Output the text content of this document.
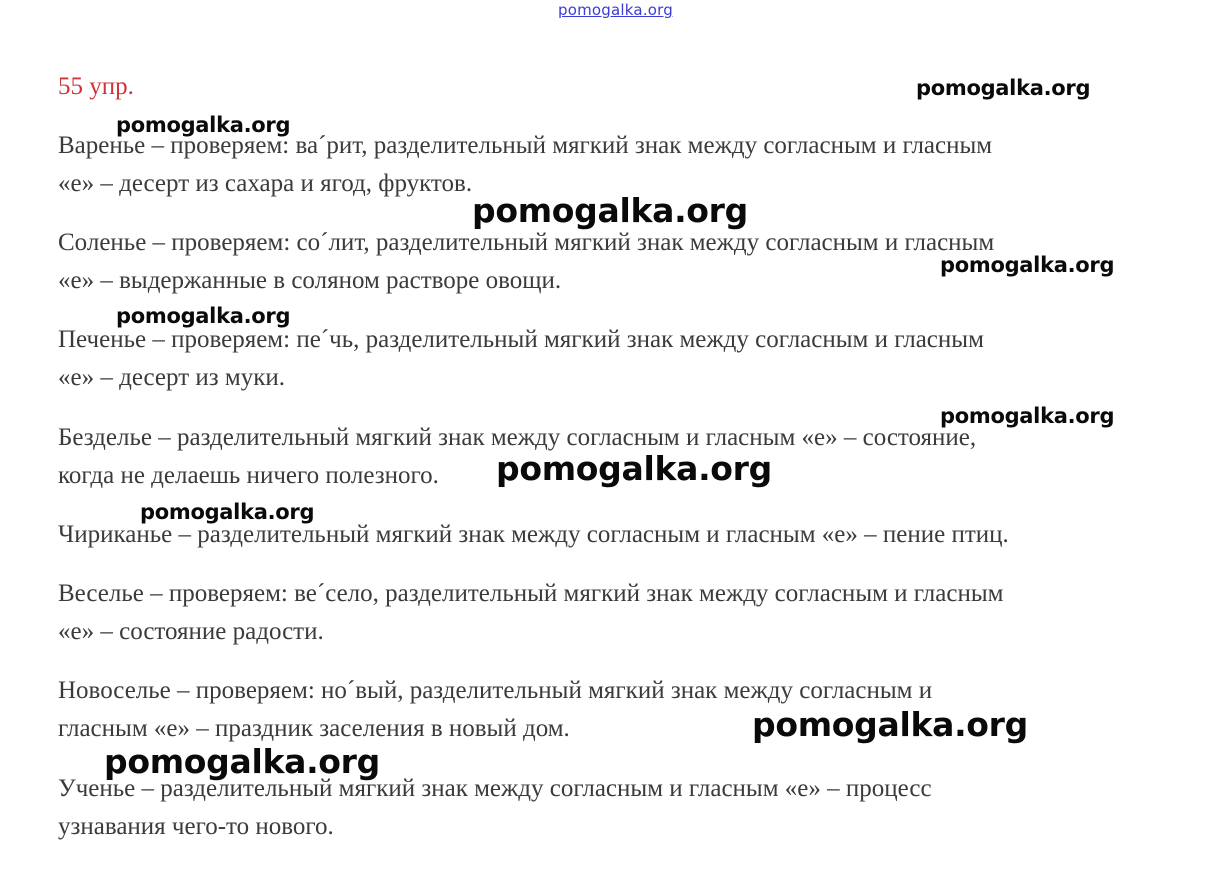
pomogalka.org
55 упр.
Варенье – проверяем: ва´рит, разделительный мягкий знак между согласным и гласным
«е» – десерт из сахара и ягод, фруктов.
Соленье – проверяем: со´лит, разделительный мягкий знак между согласным и гласным
«е» – выдержанные в соляном растворе овощи.
Печенье – проверяем: пе´чь, разделительный мягкий знак между согласным и гласным
«е» – десерт из муки.
Безделье – разделительный мягкий знак между согласным и гласным «е» – состояние,
когда не делаешь ничего полезного.
Чириканье – разделительный мягкий знак между согласным и гласным «е» – пение птиц.
Веселье – проверяем: ве´село, разделительный мягкий знак между согласным и гласным
«е» – состояние радости.
Новоселье – проверяем: но´вый, разделительный мягкий знак между согласным и
гласным «е» – праздник заселения в новый дом.
Ученье – разделительный мягкий знак между согласным и гласным «е» – процесс
узнавания чего-то нового.
pomogalka.org
pomogalka.org
pomogalka.org
pomogalka.org
pomogalka.org
pomogalka.org
pomogalka.org
pomogalka.org
pomogalka.org
pomogalka.org
